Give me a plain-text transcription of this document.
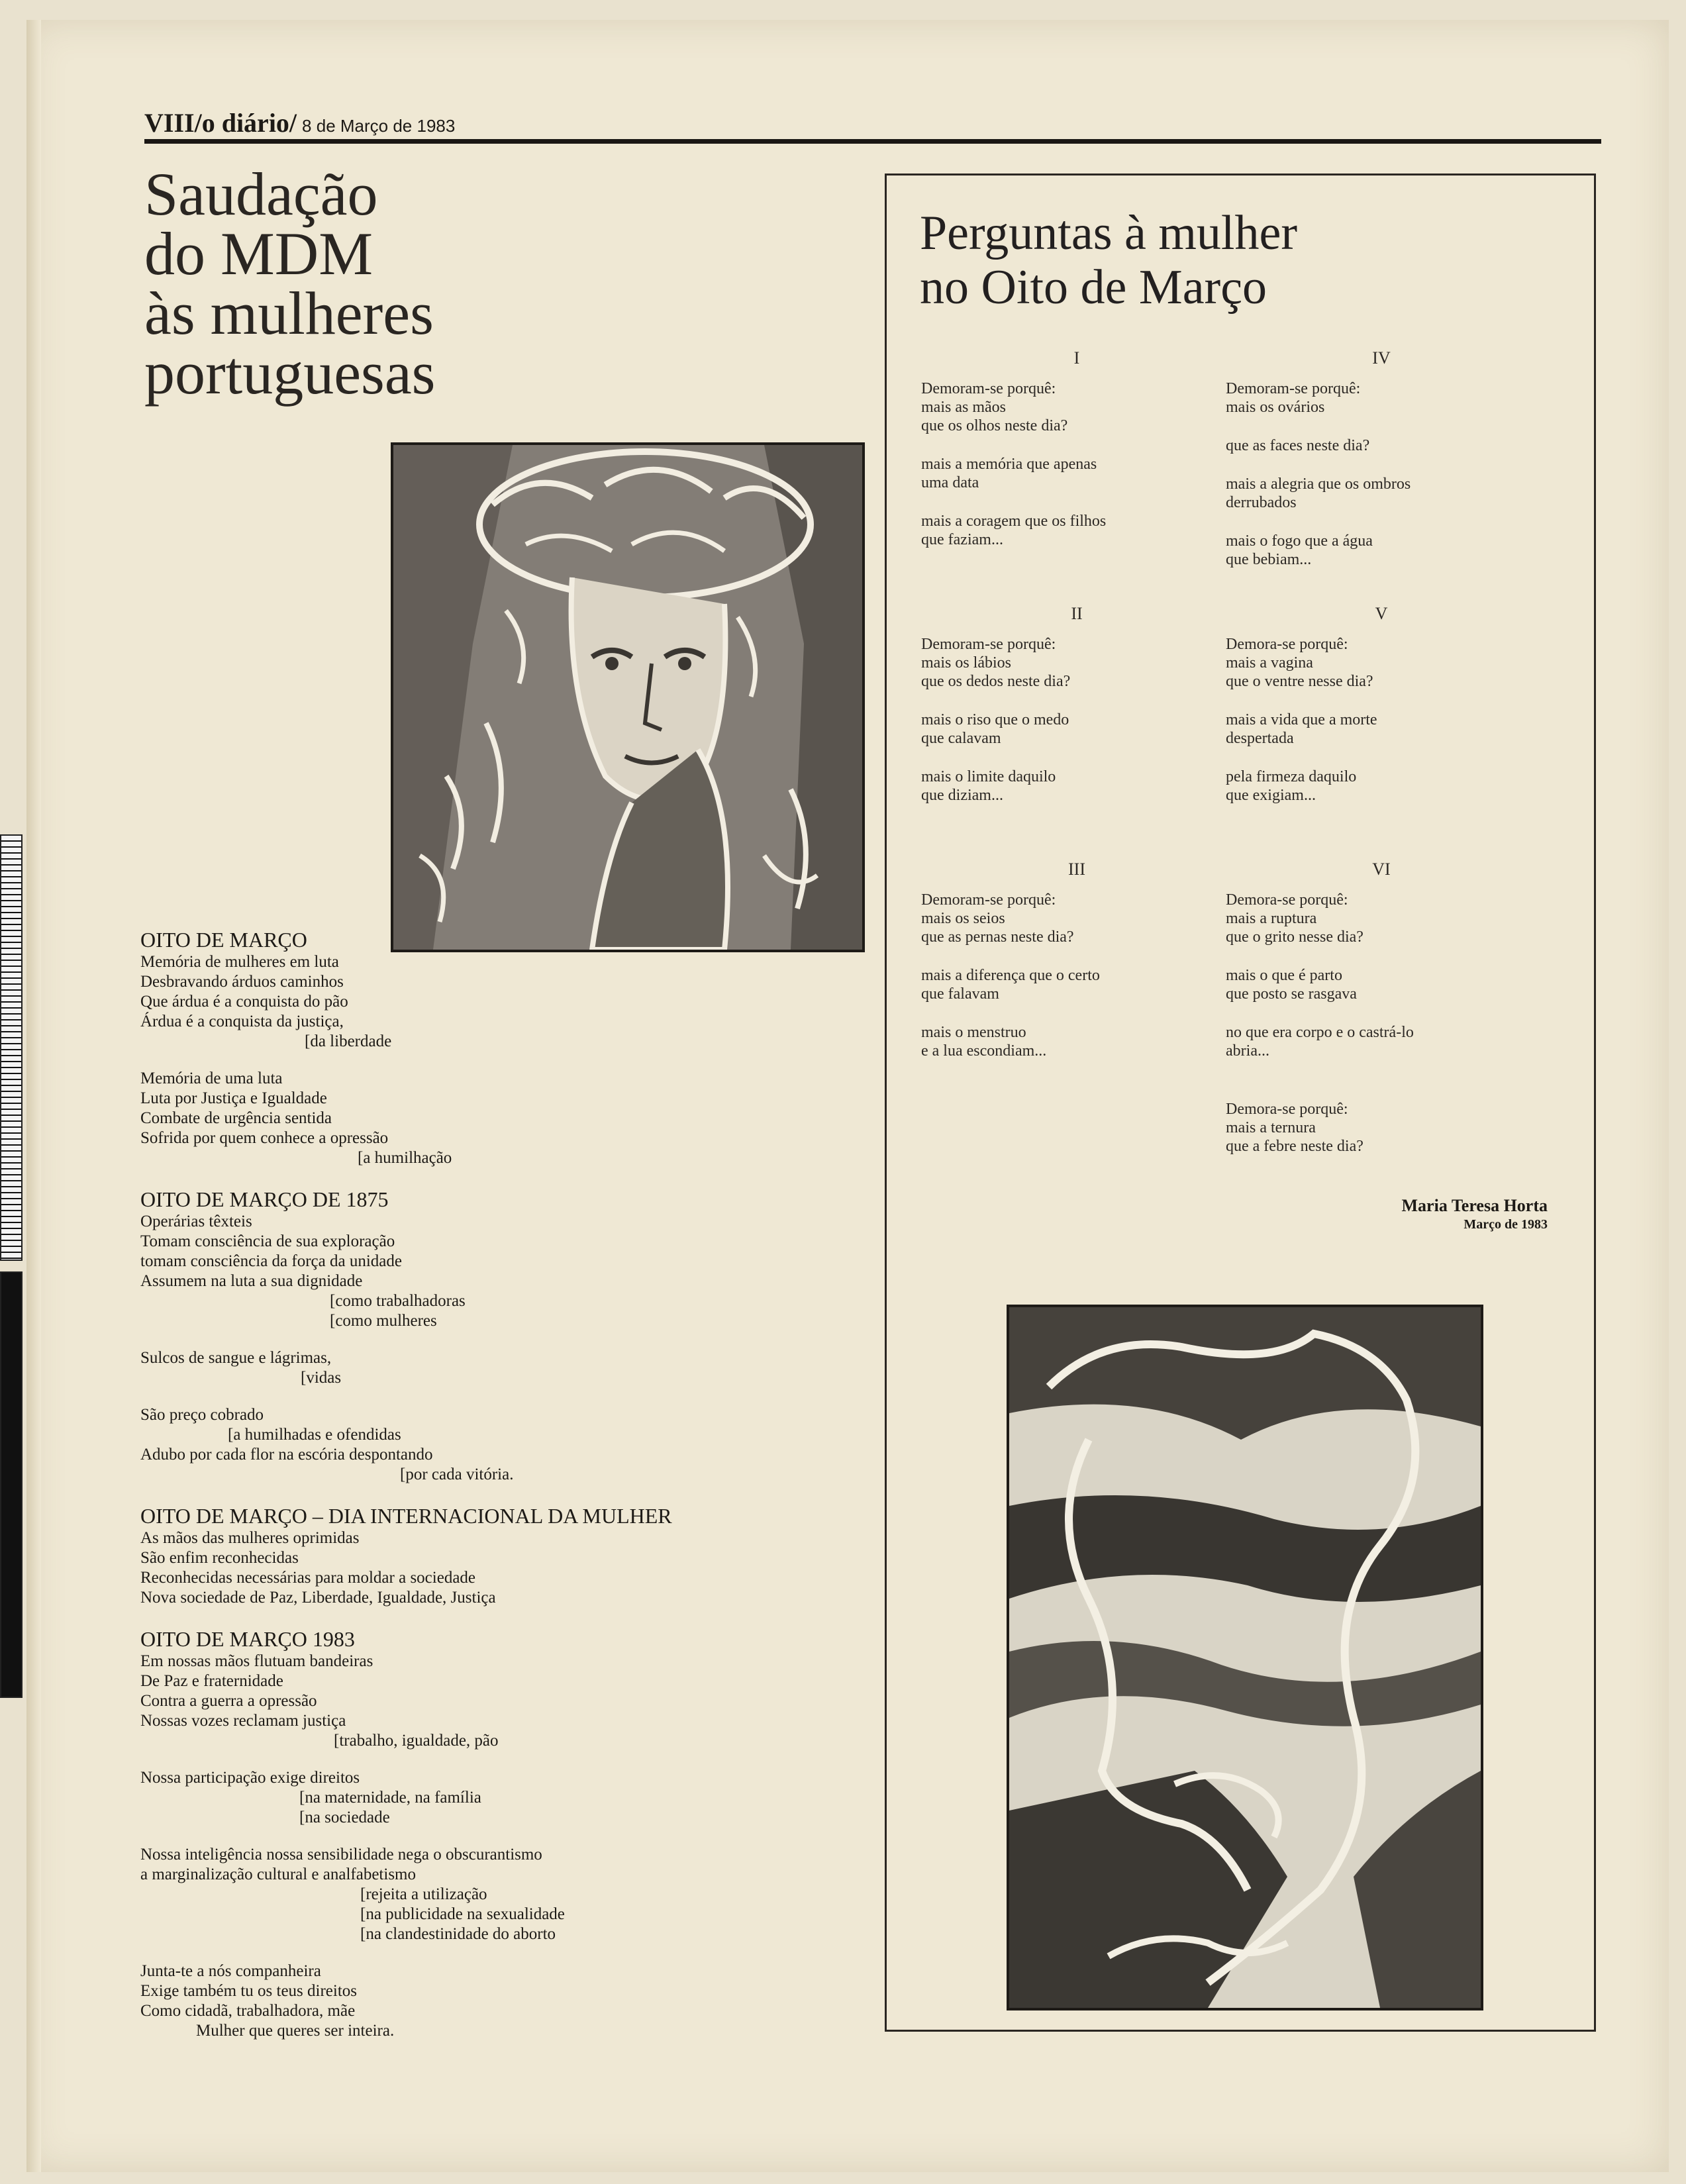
VIII/o diário/ 8 de Março de 1983
Saudação
do MDM
às mulheres
portuguesas
OITO DE MARÇO
Memória de mulheres em luta
Desbravando árduos caminhos
Que árdua é a conquista do pão
Árdua é a conquista da justiça,
[da liberdade
Memória de uma luta
Luta por Justiça e Igualdade
Combate de urgência sentida
Sofrida por quem conhece a opressão
[a humilhação
OITO DE MARÇO DE 1875
Operárias têxteis
Tomam consciência de sua exploração
tomam consciência da força da unidade
Assumem na luta a sua dignidade
[como trabalhadoras
[como mulheres
Sulcos de sangue e lágrimas,
[vidas
São preço cobrado
[a humilhadas e ofendidas
Adubo por cada flor na escória despontando
[por cada vitória.
OITO DE MARÇO – DIA INTERNACIONAL DA MULHER
As mãos das mulheres oprimidas
São enfim reconhecidas
Reconhecidas necessárias para moldar a sociedade
Nova sociedade de Paz, Liberdade, Igualdade, Justiça
OITO DE MARÇO 1983
Em nossas mãos flutuam bandeiras
De Paz e fraternidade
Contra a guerra a opressão
Nossas vozes reclamam justiça
[trabalho, igualdade, pão
Nossa participação exige direitos
[na maternidade, na família
[na sociedade
Nossa inteligência nossa sensibilidade nega o obscurantismo
a marginalização cultural e analfabetismo
[rejeita a utilização
[na publicidade na sexualidade
[na clandestinidade do aborto
Junta-te a nós companheira
Exige também tu os teus direitos
Como cidadã, trabalhadora, mãe
Mulher que queres ser inteira.
Perguntas à mulher
no Oito de Março
I
Demoram-se porquê:
mais as mãos
que os olhos neste dia?
mais a memória que apenas
uma data
mais a coragem que os filhos
que faziam...
II
Demoram-se porquê:
mais os lábios
que os dedos neste dia?
mais o riso que o medo
que calavam
mais o limite daquilo
que diziam...
III
Demoram-se porquê:
mais os seios
que as pernas neste dia?
mais a diferença que o certo
que falavam
mais o menstruo
e a lua escondiam...
IV
Demoram-se porquê:
mais os ovários
que as faces neste dia?
mais a alegria que os ombros
derrubados
mais o fogo que a água
que bebiam...
V
Demora-se porquê:
mais a vagina
que o ventre nesse dia?
mais a vida que a morte
despertada
pela firmeza daquilo
que exigiam...
VI
Demora-se porquê:
mais a ruptura
que o grito nesse dia?
mais o que é parto
que posto se rasgava
no que era corpo e o castrá-lo
abria...
Demora-se porquê:
mais a ternura
que a febre neste dia?
Maria Teresa Horta
Março de 1983
